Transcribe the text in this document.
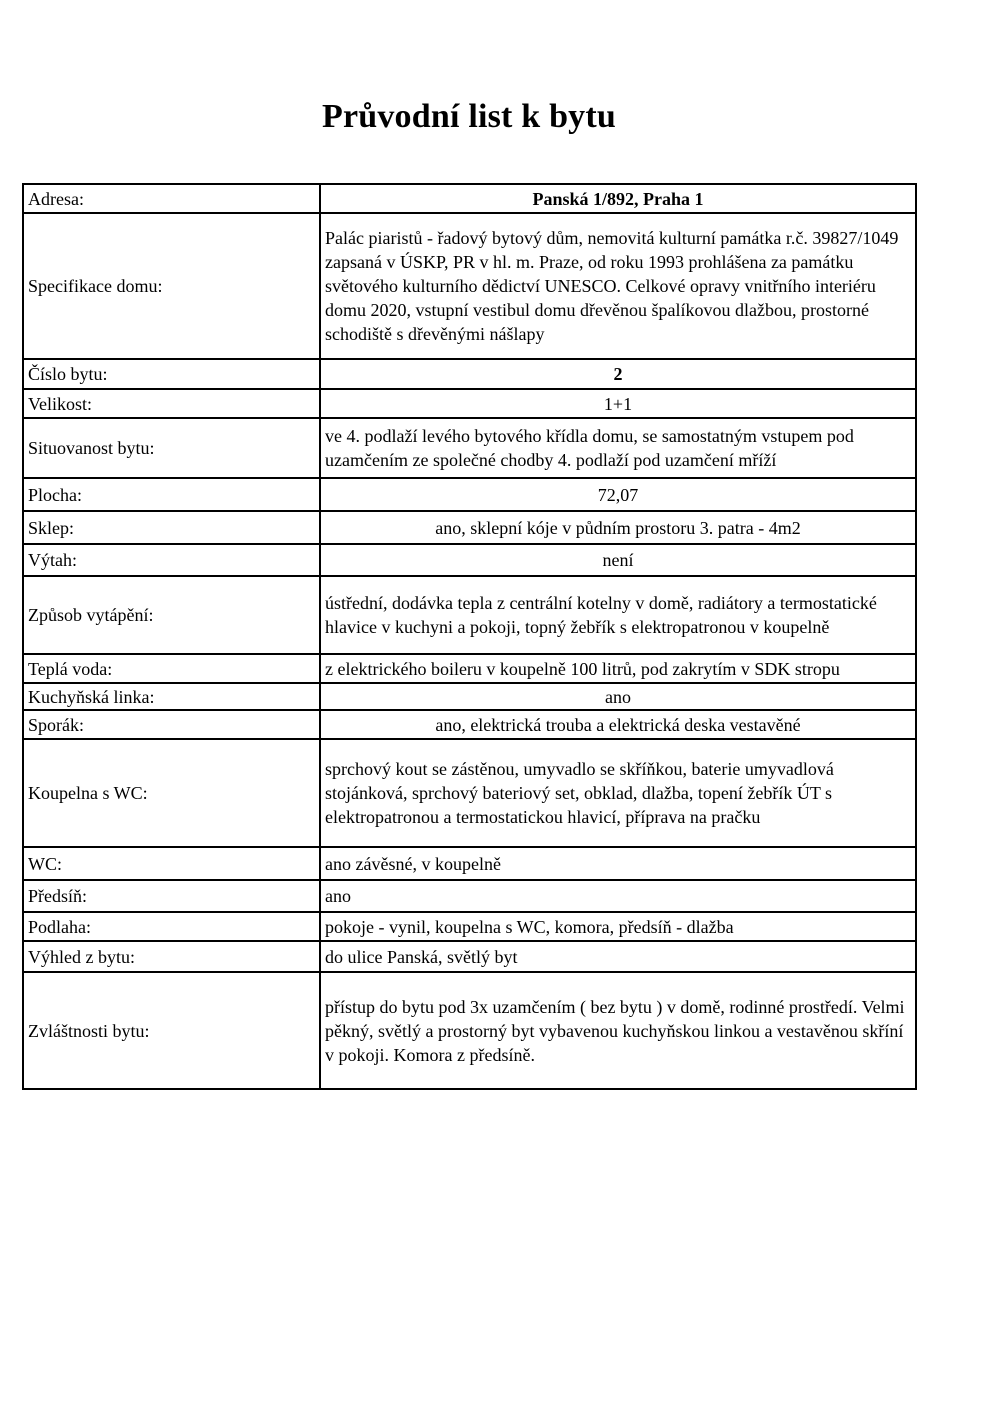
Průvodní list k bytu
Adresa:	Panská 1/892, Praha 1
Specifikace domu:	Palác piaristů - řadový bytový dům, nemovitá kulturní památka r.č. 39827/1049 zapsaná v ÚSKP, PR v hl. m. Praze, od roku 1993 prohlášena za památku světového kulturního dědictví UNESCO. Celkové opravy vnitřního interiéru domu 2020, vstupní vestibul domu dřevěnou špalíkovou dlažbou, prostorné schodiště s dřevěnými nášlapy
Číslo bytu:	2
Velikost:	1+1
Situovanost bytu:	ve 4. podlaží levého bytového křídla domu, se samostatným vstupem pod uzamčením ze společné chodby 4. podlaží pod uzamčení mříží
Plocha:	72,07
Sklep:	ano, sklepní kóje v půdním prostoru 3. patra - 4m2
Výtah:	není
Způsob vytápění:	ústřední, dodávka tepla z centrální kotelny v domě, radiátory a termostatické hlavice v kuchyni a pokoji, topný žebřík s elektropatronou v koupelně
Teplá voda:	z elektrického boileru v koupelně 100 litrů, pod zakrytím v SDK stropu
Kuchyňská linka:	ano
Sporák:	ano, elektrická trouba a elektrická deska vestavěné
Koupelna s WC:	sprchový kout se zástěnou, umyvadlo se skříňkou, baterie umyvadlová stojánková, sprchový bateriový set, obklad, dlažba, topení žebřík ÚT s elektropatronou a termostatickou hlavicí, příprava na pračku
WC:	ano závěsné, v koupelně
Předsíň:	ano
Podlaha:	pokoje - vynil, koupelna s WC, komora, předsíň - dlažba
Výhled z bytu:	do ulice Panská, světlý byt
Zvláštnosti bytu:	přístup do bytu pod 3x uzamčením ( bez bytu ) v domě, rodinné prostředí. Velmi pěkný, světlý a prostorný byt vybavenou kuchyňskou linkou a vestavěnou skříní v pokoji. Komora z předsíně.
